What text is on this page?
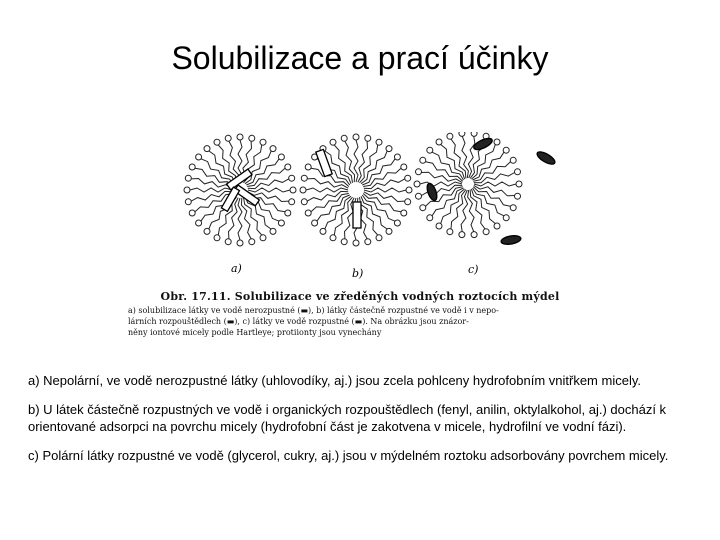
Solubilizace a prací účinky
a)	b)	c)
Obr. 17.11. Solubilizace ve zředěných vodných roztocích mýdel
a) solubilizace látky ve vodě nerozpustné (▬), b) látky částečně rozpustné ve vodě i v nepo-
lárních rozpouštědlech (▬), c) látky ve vodě rozpustné (▬). Na obrázku jsou znázor-
něny iontové micely podle Hartleye; protiionty jsou vynechány

a) Nepolární, ve vodě nerozpustné látky (uhlovodíky, aj.) jsou zcela pohlceny hydrofobním vnitřkem micely.

b) U látek částečně rozpustných ve vodě i organických rozpouštědlech (fenyl, anilin, oktylalkohol, aj.) dochází k orientované adsorpci na povrchu micely (hydrofobní část je zakotvena v micele, hydrofilní ve vodní fázi).

c) Polární látky rozpustné ve vodě (glycerol, cukry, aj.) jsou v mýdelném roztoku adsorbovány povrchem micely.
